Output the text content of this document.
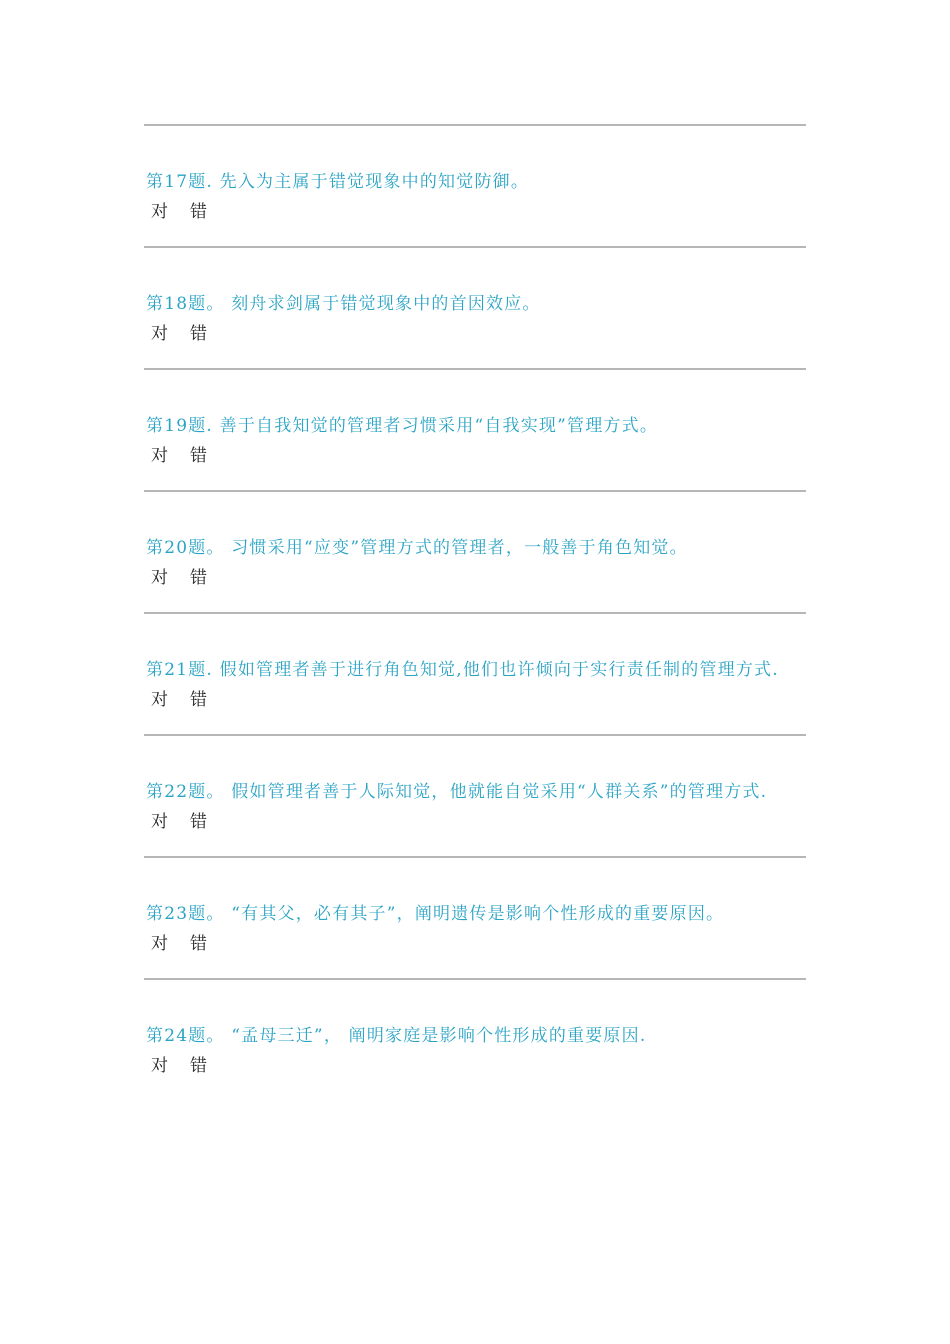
第17题. 先入为主属于错觉现象中的知觉防御。
对 错
第18题。 刻舟求剑属于错觉现象中的首因效应。
对 错
第19题. 善于自我知觉的管理者习惯采用“自我实现”管理方式。
对 错
第20题。 习惯采用“应变”管理方式的管理者，一般善于角色知觉。
对 错
第21题. 假如管理者善于进行角色知觉,他们也许倾向于实行责任制的管理方式.
对 错
第22题。 假如管理者善于人际知觉，他就能自觉采用“人群关系”的管理方式.
对 错
第23题。 “有其父，必有其子”，阐明遗传是影响个性形成的重要原因。
对 错
第24题。 “孟母三迁”， 阐明家庭是影响个性形成的重要原因.
对 错
